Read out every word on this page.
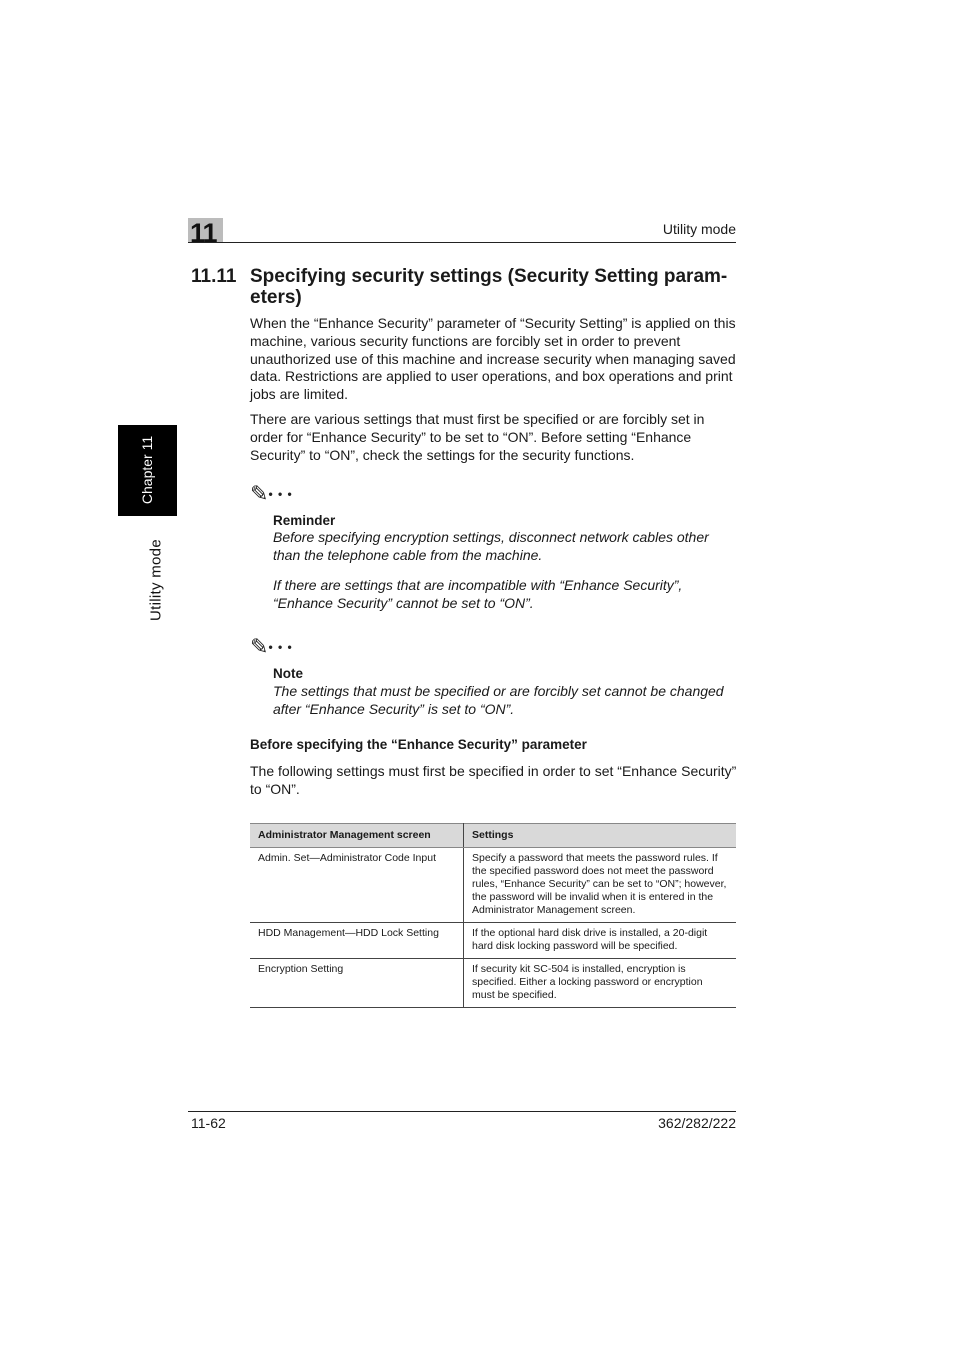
11	Utility mode
Chapter 11
Utility mode
11.11 Specifying security settings (Security Setting param-eters)
When the “Enhance Security” parameter of “Security Setting” is applied on this machine, various security functions are forcibly set in order to prevent unauthorized use of this machine and increase security when managing saved data. Restrictions are applied to user operations, and box operations and print jobs are limited.
There are various settings that must first be specified or are forcibly set in order for “Enhance Security” to be set to “ON”. Before setting “Enhance Security” to “ON”, check the settings for the security functions.
✎• • •
Reminder
Before specifying encryption settings, disconnect network cables other than the telephone cable from the machine.
If there are settings that are incompatible with “Enhance Security”, “Enhance Security” cannot be set to “ON”.
✎• • •
Note
The settings that must be specified or are forcibly set cannot be changed after “Enhance Security” is set to “ON”.
Before specifying the “Enhance Security” parameter
The following settings must first be specified in order to set “Enhance Security” to “ON”.
Administrator Management screen	Settings
Admin. Set—Administrator Code Input	Specify a password that meets the password rules. If the specified password does not meet the password rules, “Enhance Security” can be set to “ON”; however, the password will be invalid when it is entered in the Administrator Management screen.
HDD Management—HDD Lock Setting	If the optional hard disk drive is installed, a 20-digit hard disk locking password will be specified.
Encryption Setting	If security kit SC-504 is installed, encryption is specified. Either a locking password or encryption must be specified.
11-62	362/282/222
